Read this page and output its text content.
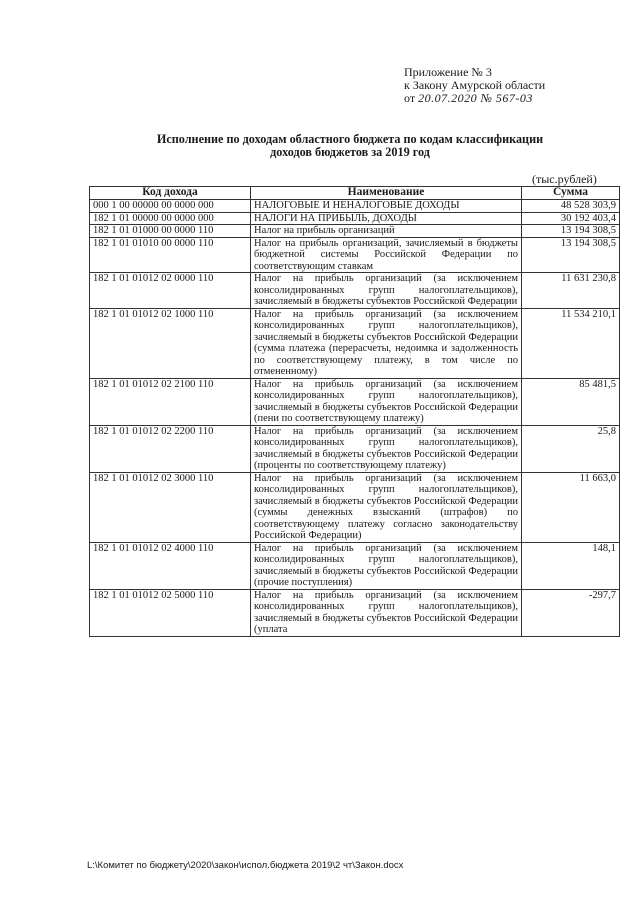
Приложение № 3
к Закону Амурской области
от 20.07.2020 № 567-03
Исполнение по доходам областного бюджета по кодам классификации
доходов бюджетов за 2019 год
(тыс.рублей)
Код дохода	Наименование	Сумма
000 1 00 00000 00 0000 000	НАЛОГОВЫЕ И НЕНАЛОГОВЫЕ ДОХОДЫ	48 528 303,9
182 1 01 00000 00 0000 000	НАЛОГИ НА ПРИБЫЛЬ, ДОХОДЫ	30 192 403,4
182 1 01 01000 00 0000 110	Налог на прибыль организаций	13 194 308,5
182 1 01 01010 00 0000 110	Налог на прибыль организаций, зачисляемый в бюджеты бюджетной системы Российской Федерации по соответствующим ставкам	13 194 308,5
182 1 01 01012 02 0000 110	Налог на прибыль организаций (за исключением консолидированных групп налогоплательщиков), зачисляемый в бюджеты субъектов Российской Федерации	11 631 230,8
182 1 01 01012 02 1000 110	Налог на прибыль организаций (за исключением консолидированных групп налогоплательщиков), зачисляемый в бюджеты субъектов Российской Федерации (сумма платежа (перерасчеты, недоимка и задолженность по соответствующему платежу, в том числе по отмененному)	11 534 210,1
182 1 01 01012 02 2100 110	Налог на прибыль организаций (за исключением консолидированных групп налогоплательщиков), зачисляемый в бюджеты субъектов Российской Федерации (пени по соответствующему платежу)	85 481,5
182 1 01 01012 02 2200 110	Налог на прибыль организаций (за исключением консолидированных групп налогоплательщиков), зачисляемый в бюджеты субъектов Российской Федерации (проценты по соответствующему платежу)	25,8
182 1 01 01012 02 3000 110	Налог на прибыль организаций (за исключением консолидированных групп налогоплательщиков), зачисляемый в бюджеты субъектов Российской Федерации (суммы денежных взысканий (штрафов) по соответствующему платежу согласно законодательству Российской Федерации)	11 663,0
182 1 01 01012 02 4000 110	Налог на прибыль организаций (за исключением консолидированных групп налогоплательщиков), зачисляемый в бюджеты субъектов Российской Федерации (прочие поступления)	148,1
182 1 01 01012 02 5000 110	Налог на прибыль организаций (за исключением консолидированных групп налогоплательщиков), зачисляемый в бюджеты субъектов Российской Федерации (уплата	-297,7
L:\Комитет по бюджету\2020\закон\испол.бюджета 2019\2 чт\Закон.docx
